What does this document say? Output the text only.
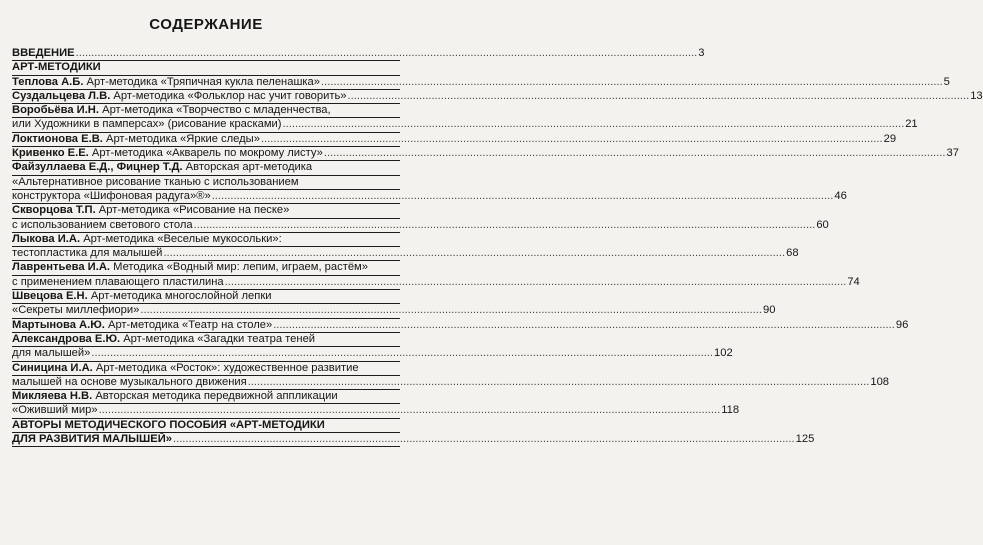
СОДЕРЖАНИЕ
ВВЕДЕНИЕ .....	3
АРТ-МЕТОДИКИ
Теплова А.Б. Арт-методика «Тряпичная кукла пеленашка» .....	5
Суздальцева Л.В. Арт-методика «Фольклор нас учит говорить» .....	13
Воробьёва И.Н. Арт-методика «Творчество с младенчества,
или Художники в памперсах» (рисование красками) .....	21
Локтионова Е.В. Арт-методика «Яркие следы» .....	29
Кривенко Е.Е. Арт-методика «Акварель по мокрому листу» .....	37
Файзуллаева Е.Д., Фицнер Т.Д. Авторская арт-методика
«Альтернативное рисование тканью с использованием
конструктора «Шифоновая радуга»®» .....	46
Скворцова Т.П. Арт-методика «Рисование на песке»
с использованием светового стола .....	60
Лыкова И.А. Арт-методика «Веселые мукосольки»:
тестопластика для малышей .....	68
Лаврентьева И.А. Методика «Водный мир: лепим, играем, растём»
с применением плавающего пластилина .....	74
Швецова Е.Н. Арт-методика многослойной лепки
«Секреты миллефиори» .....	90
Мартынова А.Ю. Арт-методика «Театр на столе» .....	96
Александрова Е.Ю. Арт-методика «Загадки театра теней
для малышей» .....	102
Синицина И.А. Арт-методика «Росток»: художественное развитие
малышей на основе музыкального движения .....	108
Микляева Н.В. Авторская методика передвижной аппликации
«Оживший мир» .....	118
АВТОРЫ МЕТОДИЧЕСКОГО ПОСОБИЯ «АРТ-МЕТОДИКИ
ДЛЯ РАЗВИТИЯ МАЛЫШЕЙ» .....	125
